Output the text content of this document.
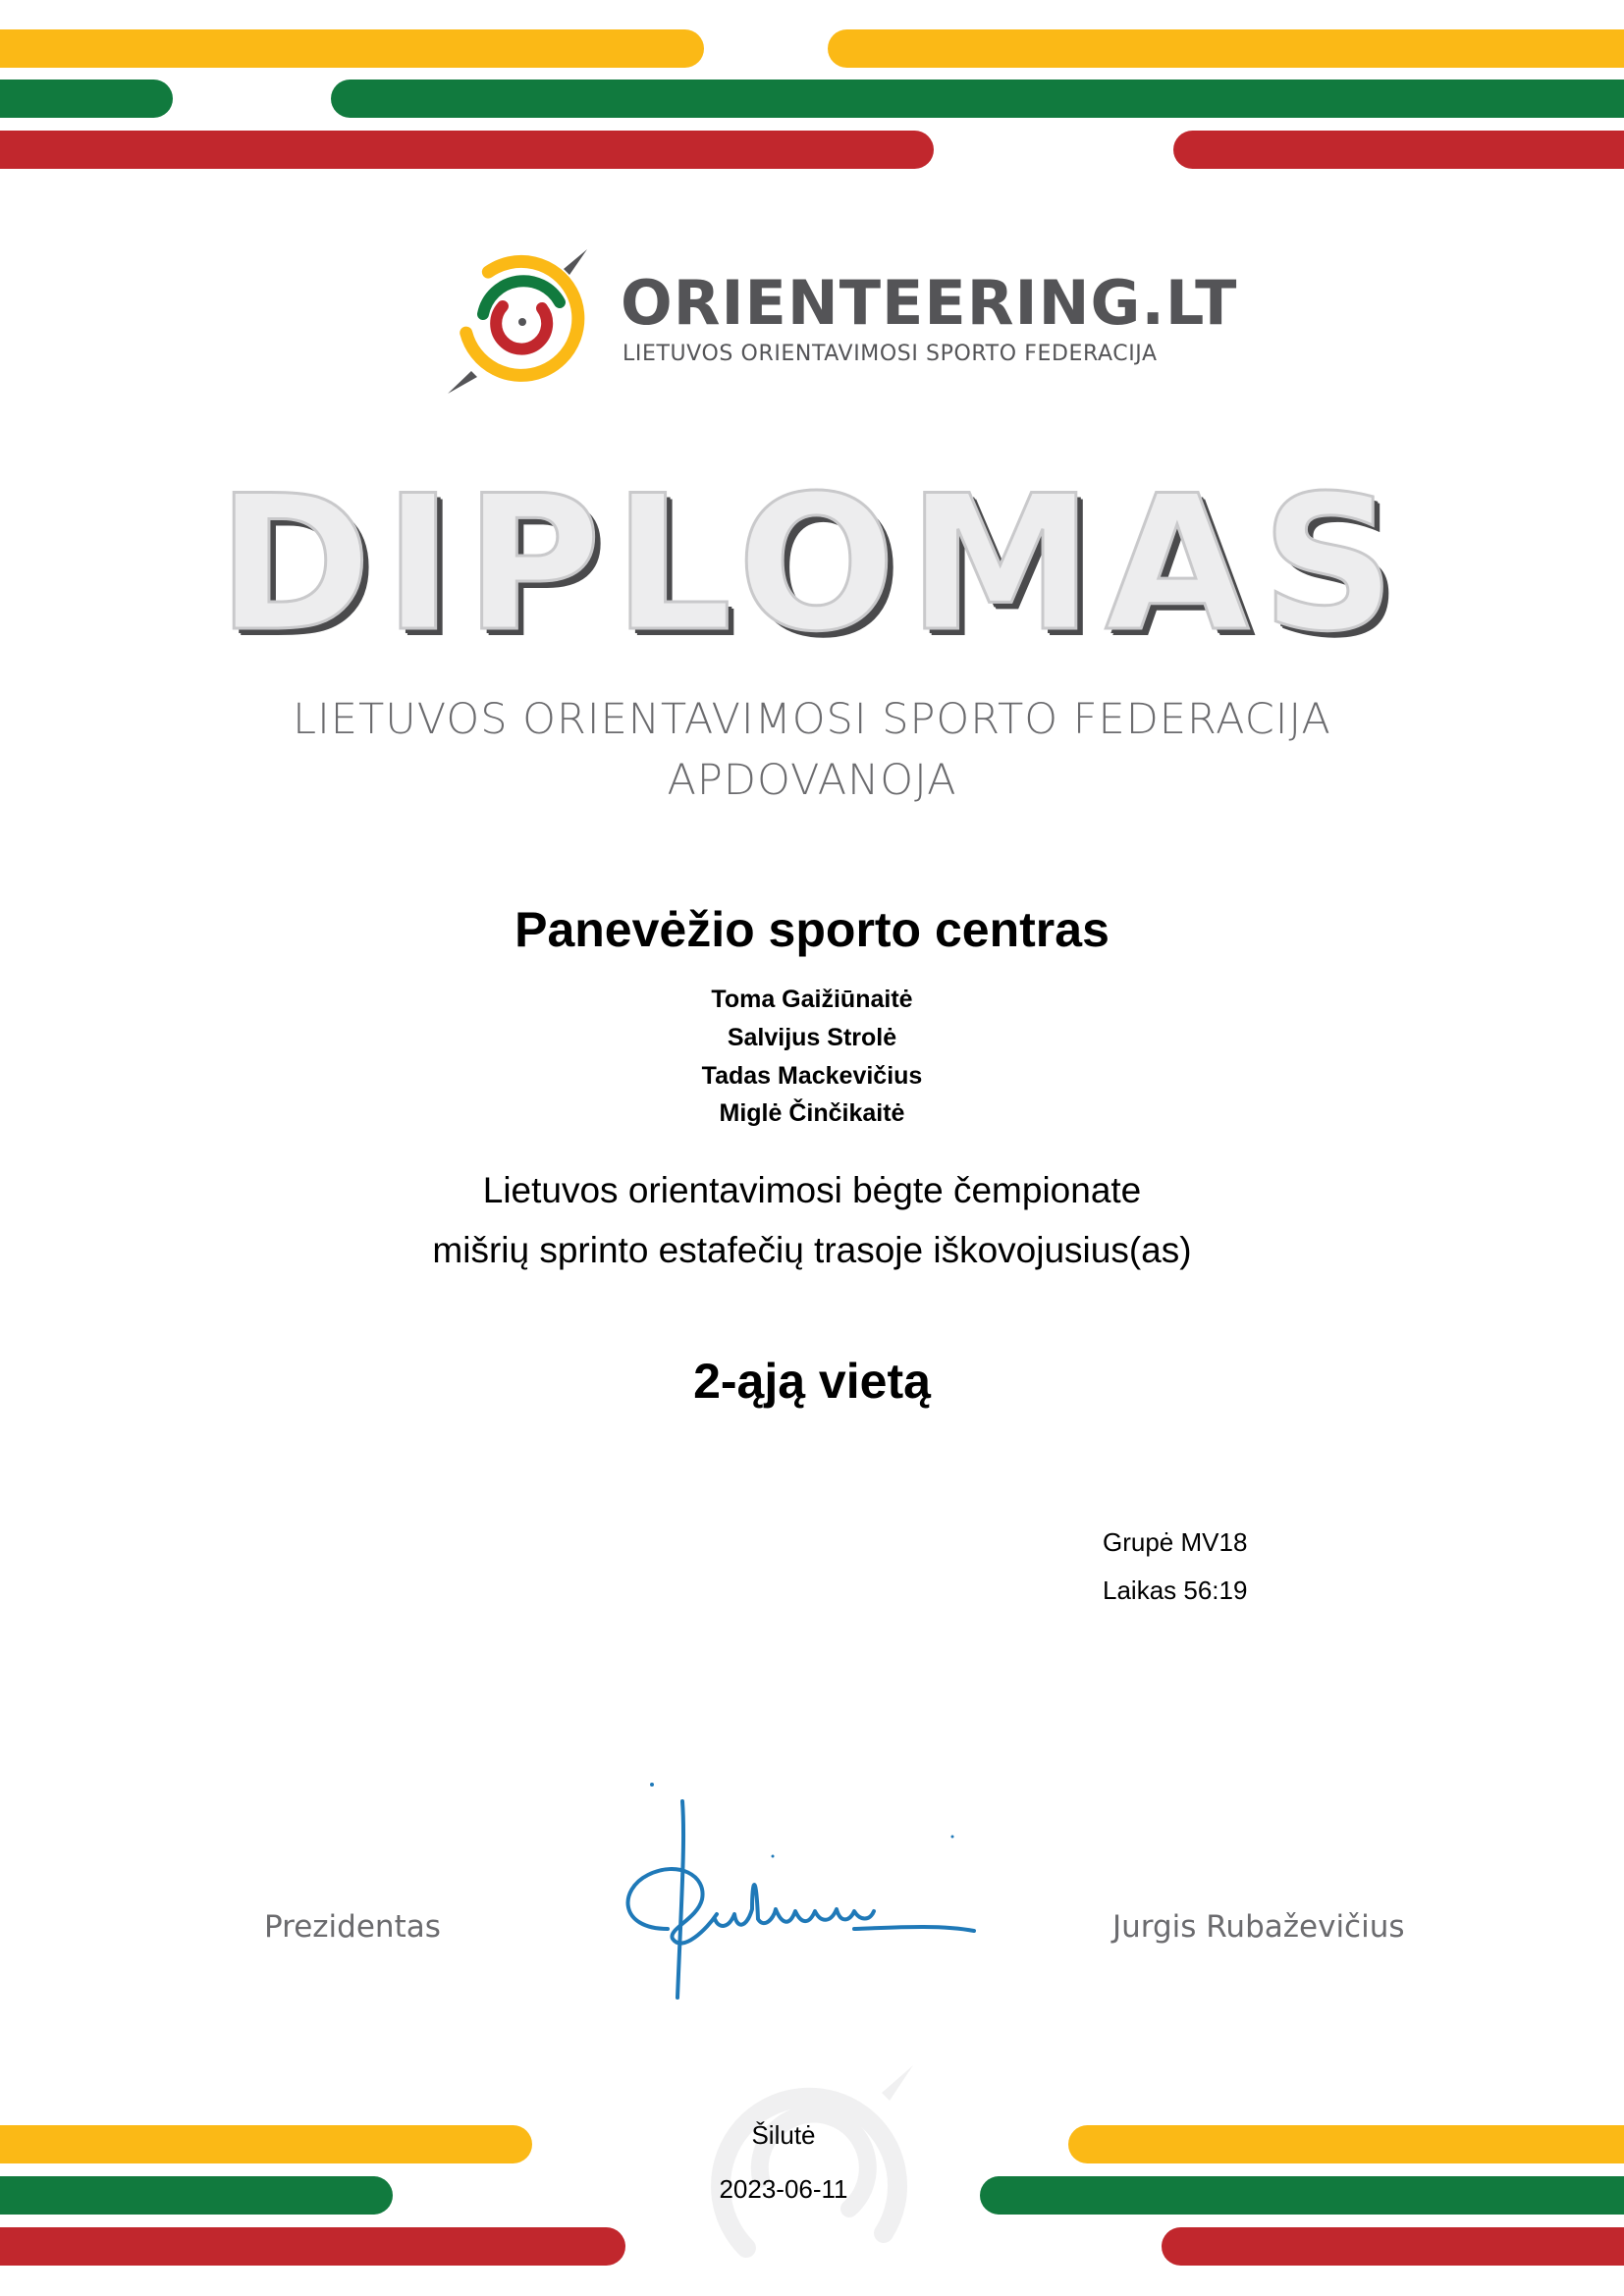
ORIENTEERING.LT
LIETUVOS ORIENTAVIMOSI SPORTO FEDERACIJA
DIPLOMAS
LIETUVOS ORIENTAVIMOSI SPORTO FEDERACIJA
APDOVANOJA
Panevėžio sporto centras
Toma Gaižiūnaitė
Salvijus Strolė
Tadas Mackevičius
Miglė Činčikaitė
Lietuvos orientavimosi bėgte čempionate
mišrių sprinto estafečių trasoje iškovojusius(as)
2-ąją vietą
Grupė MV18
Laikas 56:19
Prezidentas	Jurgis Rubaževičius
Šilutė
2023-06-11
